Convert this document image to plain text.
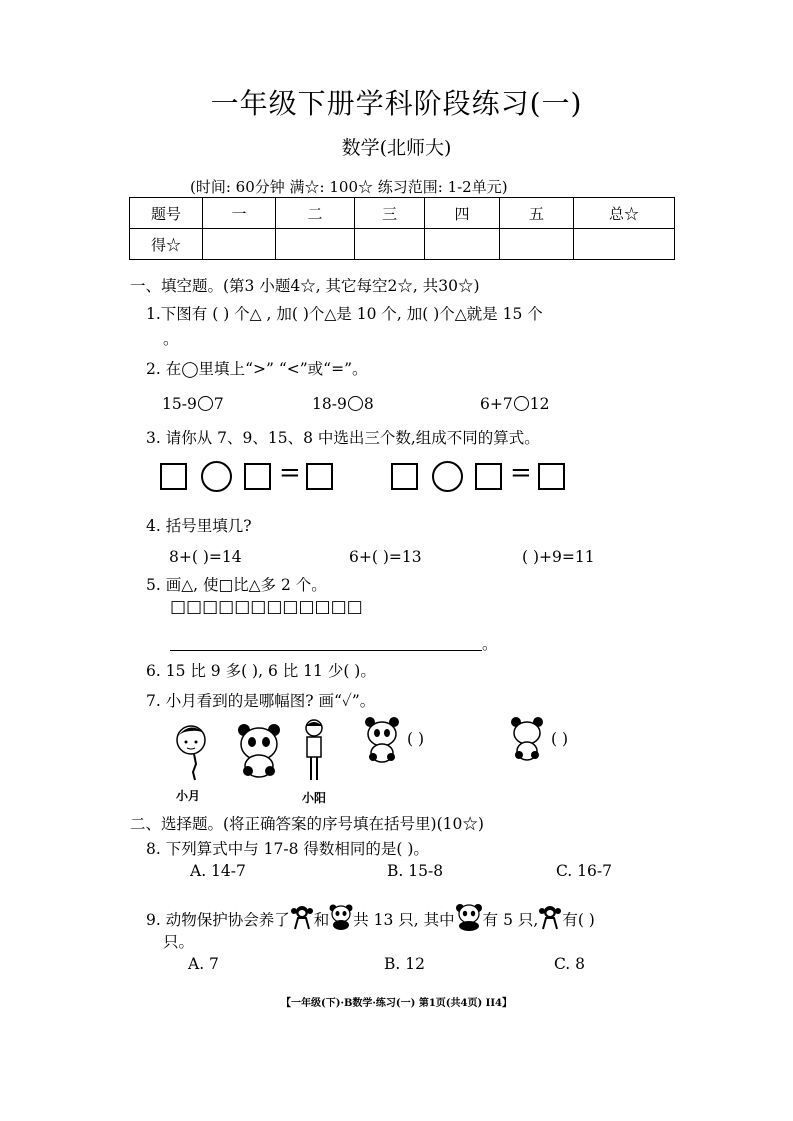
一年级下册学科阶段练习(一)
数学(北师大)
(时间: 60分钟 满☆: 100☆ 练习范围: 1-2单元)
题号	一	二	三	四	五	总☆
得☆						
一、填空题。(第3 小题4☆, 其它每空2☆, 共30☆)
1.下图有 ( ) 个△ , 加( )个△是 10 个, 加( )个△就是 15 个
。
2. 在◯里填上“>” “<”或“=”。
15-9 7	18-9 8	6+7 12
3. 请你从 7、9、15、8 中选出三个数,组成不同的算式。
=	=
4. 括号里填几?
8+( )=14	6+( )=13	( )+9=11
5. 画△, 使□比△多 2 个。
□□□□□□□□□□□□
。
6. 15 比 9 多( ), 6 比 11 少( )。
7. 小月看到的是哪幅图? 画“✓”。
小月	小阳
( )	( )
二、选择题。(将正确答案的序号填在括号里)(10☆)
8. 下列算式中与 17-8 得数相同的是( )。
A. 14-7	B. 15-8	C. 16-7
9. 动物保护协会养了 和 共 13 只, 其中 有 5 只, 有( )
只。
A. 7	B. 12	C. 8
【一年级(下)·B数学·练习(一) 第1页(共4页) II4】
